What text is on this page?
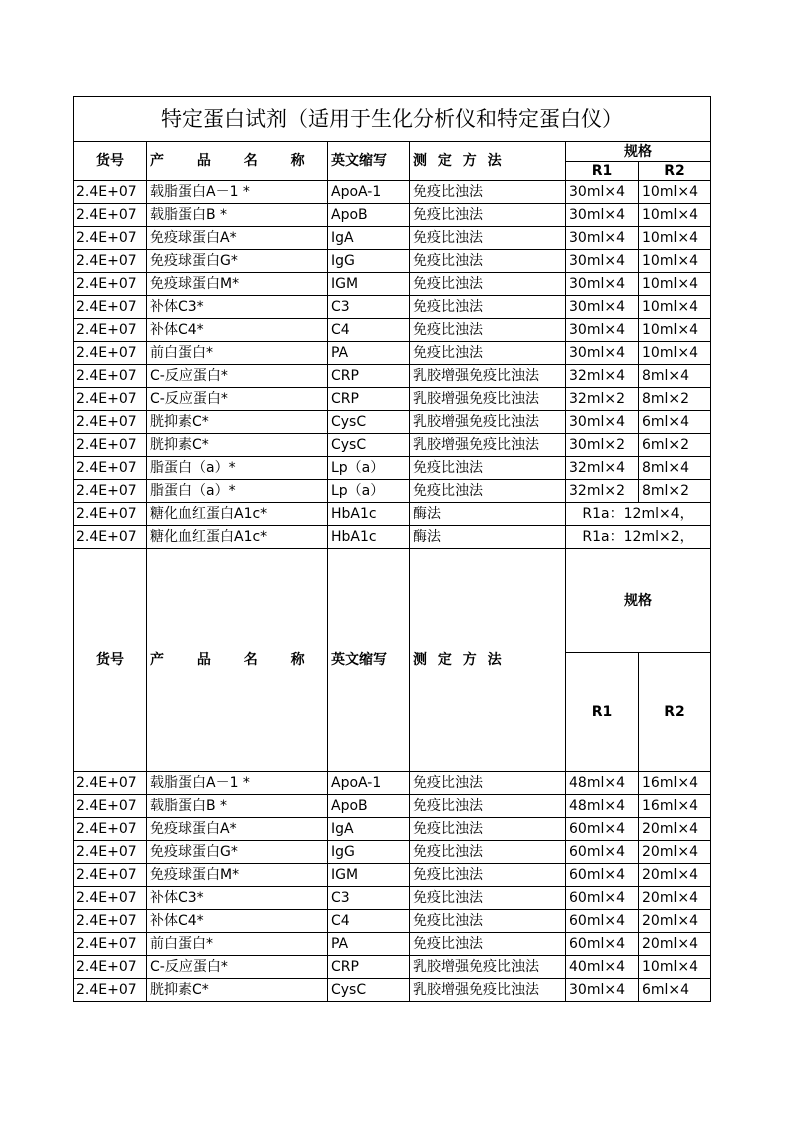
特定蛋白试剂（适用于生化分析仪和特定蛋白仪）					
货号	产 品 名 称	英文缩写	测 定 方 法	规格	
				R1	R2
2.4E+07	载脂蛋白A－1 *	ApoA-1	免疫比浊法	30ml×4	10ml×4
2.4E+07	载脂蛋白B *	ApoB	免疫比浊法	30ml×4	10ml×4
2.4E+07	免疫球蛋白A*	IgA	免疫比浊法	30ml×4	10ml×4
2.4E+07	免疫球蛋白G*	IgG	免疫比浊法	30ml×4	10ml×4
2.4E+07	免疫球蛋白M*	IGM	免疫比浊法	30ml×4	10ml×4
2.4E+07	补体C3*	C3	免疫比浊法	30ml×4	10ml×4
2.4E+07	补体C4*	C4	免疫比浊法	30ml×4	10ml×4
2.4E+07	前白蛋白*	PA	免疫比浊法	30ml×4	10ml×4
2.4E+07	C-反应蛋白*	CRP	乳胶增强免疫比浊法	32ml×4	8ml×4
2.4E+07	C-反应蛋白*	CRP	乳胶增强免疫比浊法	32ml×2	8ml×2
2.4E+07	胱抑素C*	CysC	乳胶增强免疫比浊法	30ml×4	6ml×4
2.4E+07	胱抑素C*	CysC	乳胶增强免疫比浊法	30ml×2	6ml×2
2.4E+07	脂蛋白（a）*	Lp（a）	免疫比浊法	32ml×4	8ml×4
2.4E+07	脂蛋白（a）*	Lp（a）	免疫比浊法	32ml×2	8ml×2
2.4E+07	糖化血红蛋白A1c*	HbA1c	酶法	R1a：12ml×4，	
2.4E+07	糖化血红蛋白A1c*	HbA1c	酶法	R1a：12ml×2，	
货号	产 品 名 称	英文缩写	测 定 方 法	规格	
				R1	R2
2.4E+07	载脂蛋白A－1 *	ApoA-1	免疫比浊法	48ml×4	16ml×4
2.4E+07	载脂蛋白B *	ApoB	免疫比浊法	48ml×4	16ml×4
2.4E+07	免疫球蛋白A*	IgA	免疫比浊法	60ml×4	20ml×4
2.4E+07	免疫球蛋白G*	IgG	免疫比浊法	60ml×4	20ml×4
2.4E+07	免疫球蛋白M*	IGM	免疫比浊法	60ml×4	20ml×4
2.4E+07	补体C3*	C3	免疫比浊法	60ml×4	20ml×4
2.4E+07	补体C4*	C4	免疫比浊法	60ml×4	20ml×4
2.4E+07	前白蛋白*	PA	免疫比浊法	60ml×4	20ml×4
2.4E+07	C-反应蛋白*	CRP	乳胶增强免疫比浊法	40ml×4	10ml×4
2.4E+07	胱抑素C*	CysC	乳胶增强免疫比浊法	30ml×4	6ml×4
